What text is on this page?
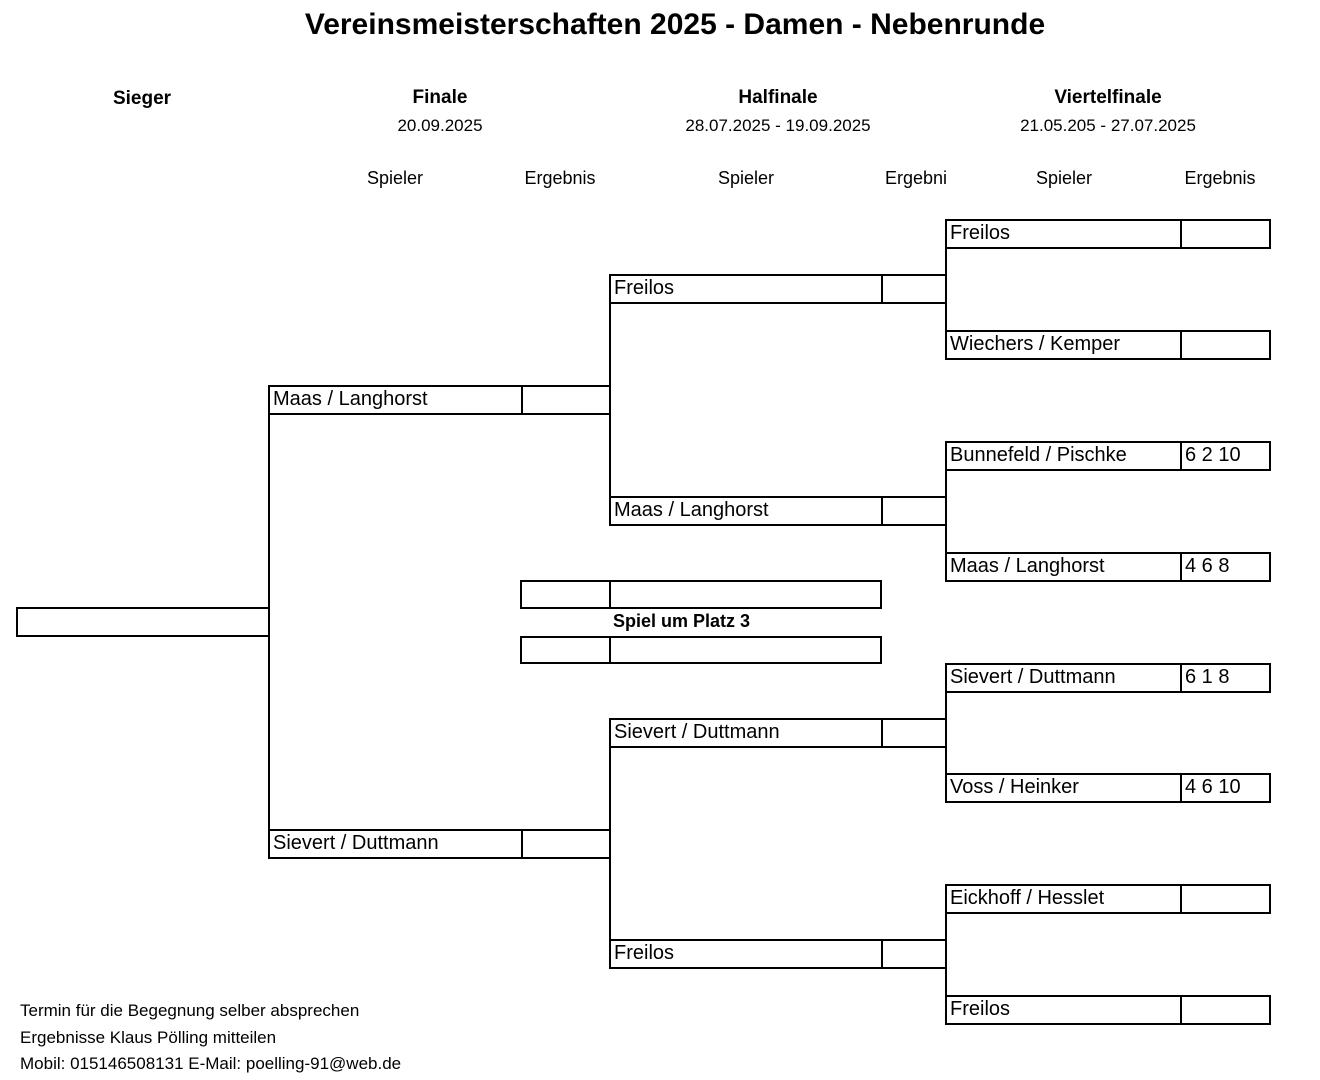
Vereinsmeisterschaften 2025 - Damen - Nebenrunde
Sieger	Finale
20.09.2025
Halfinale
28.07.2025 - 19.09.2025
Viertelfinale
21.05.205 - 27.07.2025
Spieler	Ergebnis	Spieler	Ergebni	Spieler	Ergebnis
Freilos
Wiechers / Kemper
Bunnefeld / Pischke	6 2 10
Maas / Langhorst	4 6 8
Sievert / Duttmann	6 1 8
Voss / Heinker	4 6 10
Eickhoff / Hesslet
Freilos
Freilos
Maas / Langhorst
Sievert / Duttmann
Freilos
Maas / Langhorst
Sievert / Duttmann
Spiel um Platz 3
Termin für die Begegnung selber absprechen
Ergebnisse Klaus Pölling mitteilen
Mobil: 015146508131 E-Mail: poelling-91@web.de
